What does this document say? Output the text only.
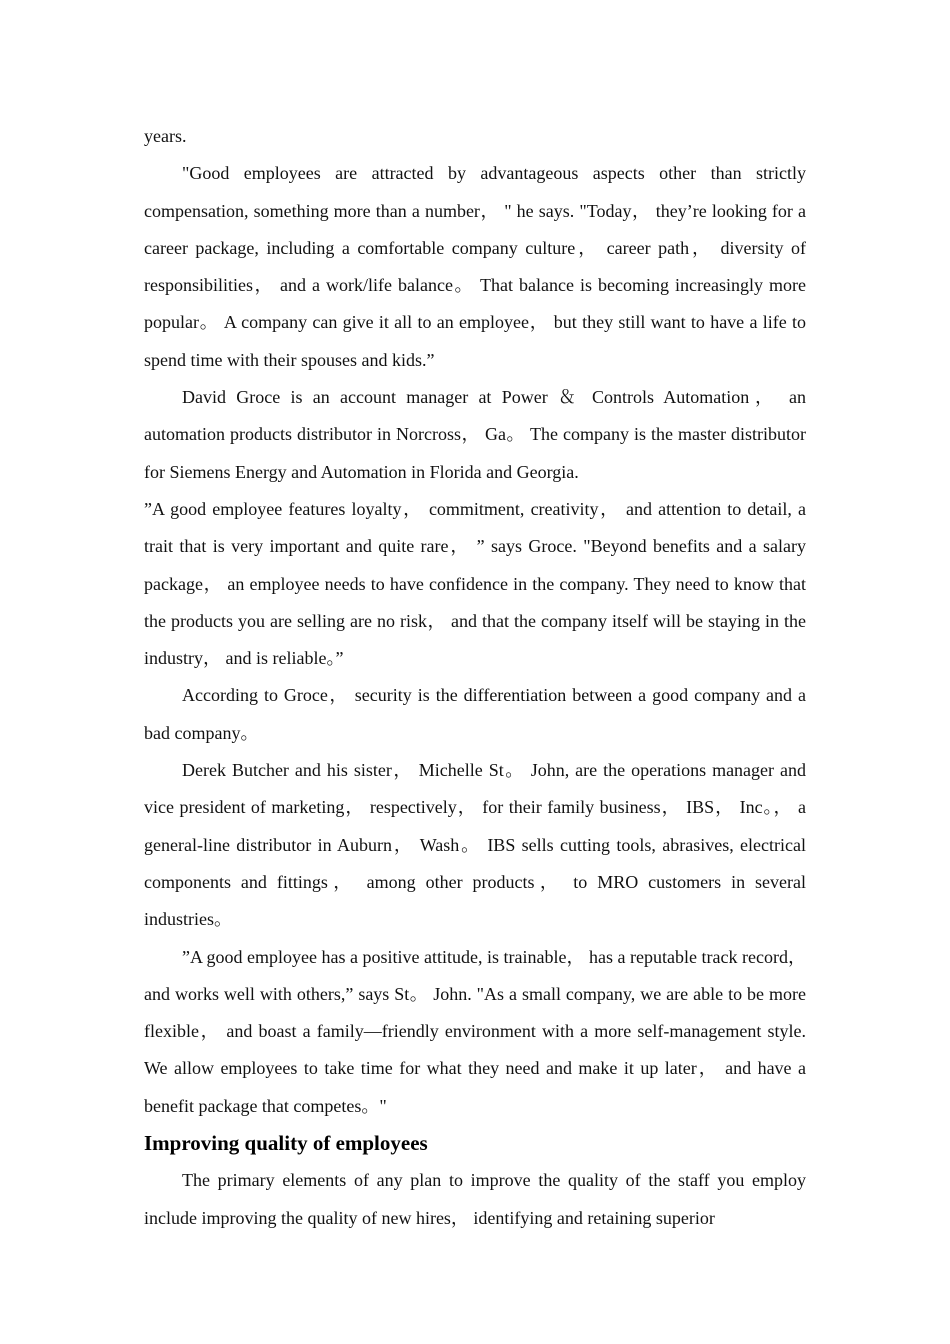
years.

"Good employees are attracted by advantageous aspects other than strictly compensation, something more than a number， " he says. "Today， they’re looking for a career package, including a comfortable company culture， career path， diversity of responsibilities， and a work/life balance。 That balance is becoming increasingly more popular。 A company can give it all to an employee， but they still want to have a life to spend time with their spouses and kids.”

David Groce is an account manager at Power ＆ Controls Automation， an automation products distributor in Norcross， Ga。 The company is the master distributor for Siemens Energy and Automation in Florida and Georgia.

”A good employee features loyalty， commitment, creativity， and attention to detail, a trait that is very important and quite rare， ” says Groce. "Beyond benefits and a salary package， an employee needs to have confidence in the company. They need to know that the products you are selling are no risk， and that the company itself will be staying in the industry， and is reliable。”

According to Groce， security is the differentiation between a good company and a bad company。

Derek Butcher and his sister， Michelle St。 John, are the operations manager and vice president of marketing， respectively， for their family business， IBS， Inc。， a general-line distributor in Auburn， Wash。 IBS sells cutting tools, abrasives, electrical components and fittings， among other products， to MRO customers in several industries。

”A good employee has a positive attitude, is trainable， has a reputable track record， and works well with others,” says St。 John. "As a small company, we are able to be more flexible， and boast a family—friendly environment with a more self-management style. We allow employees to take time for what they need and make it up later， and have a benefit package that competes。"

Improving quality of employees

The primary elements of any plan to improve the quality of the staff you employ include improving the quality of new hires， identifying and retaining superior
